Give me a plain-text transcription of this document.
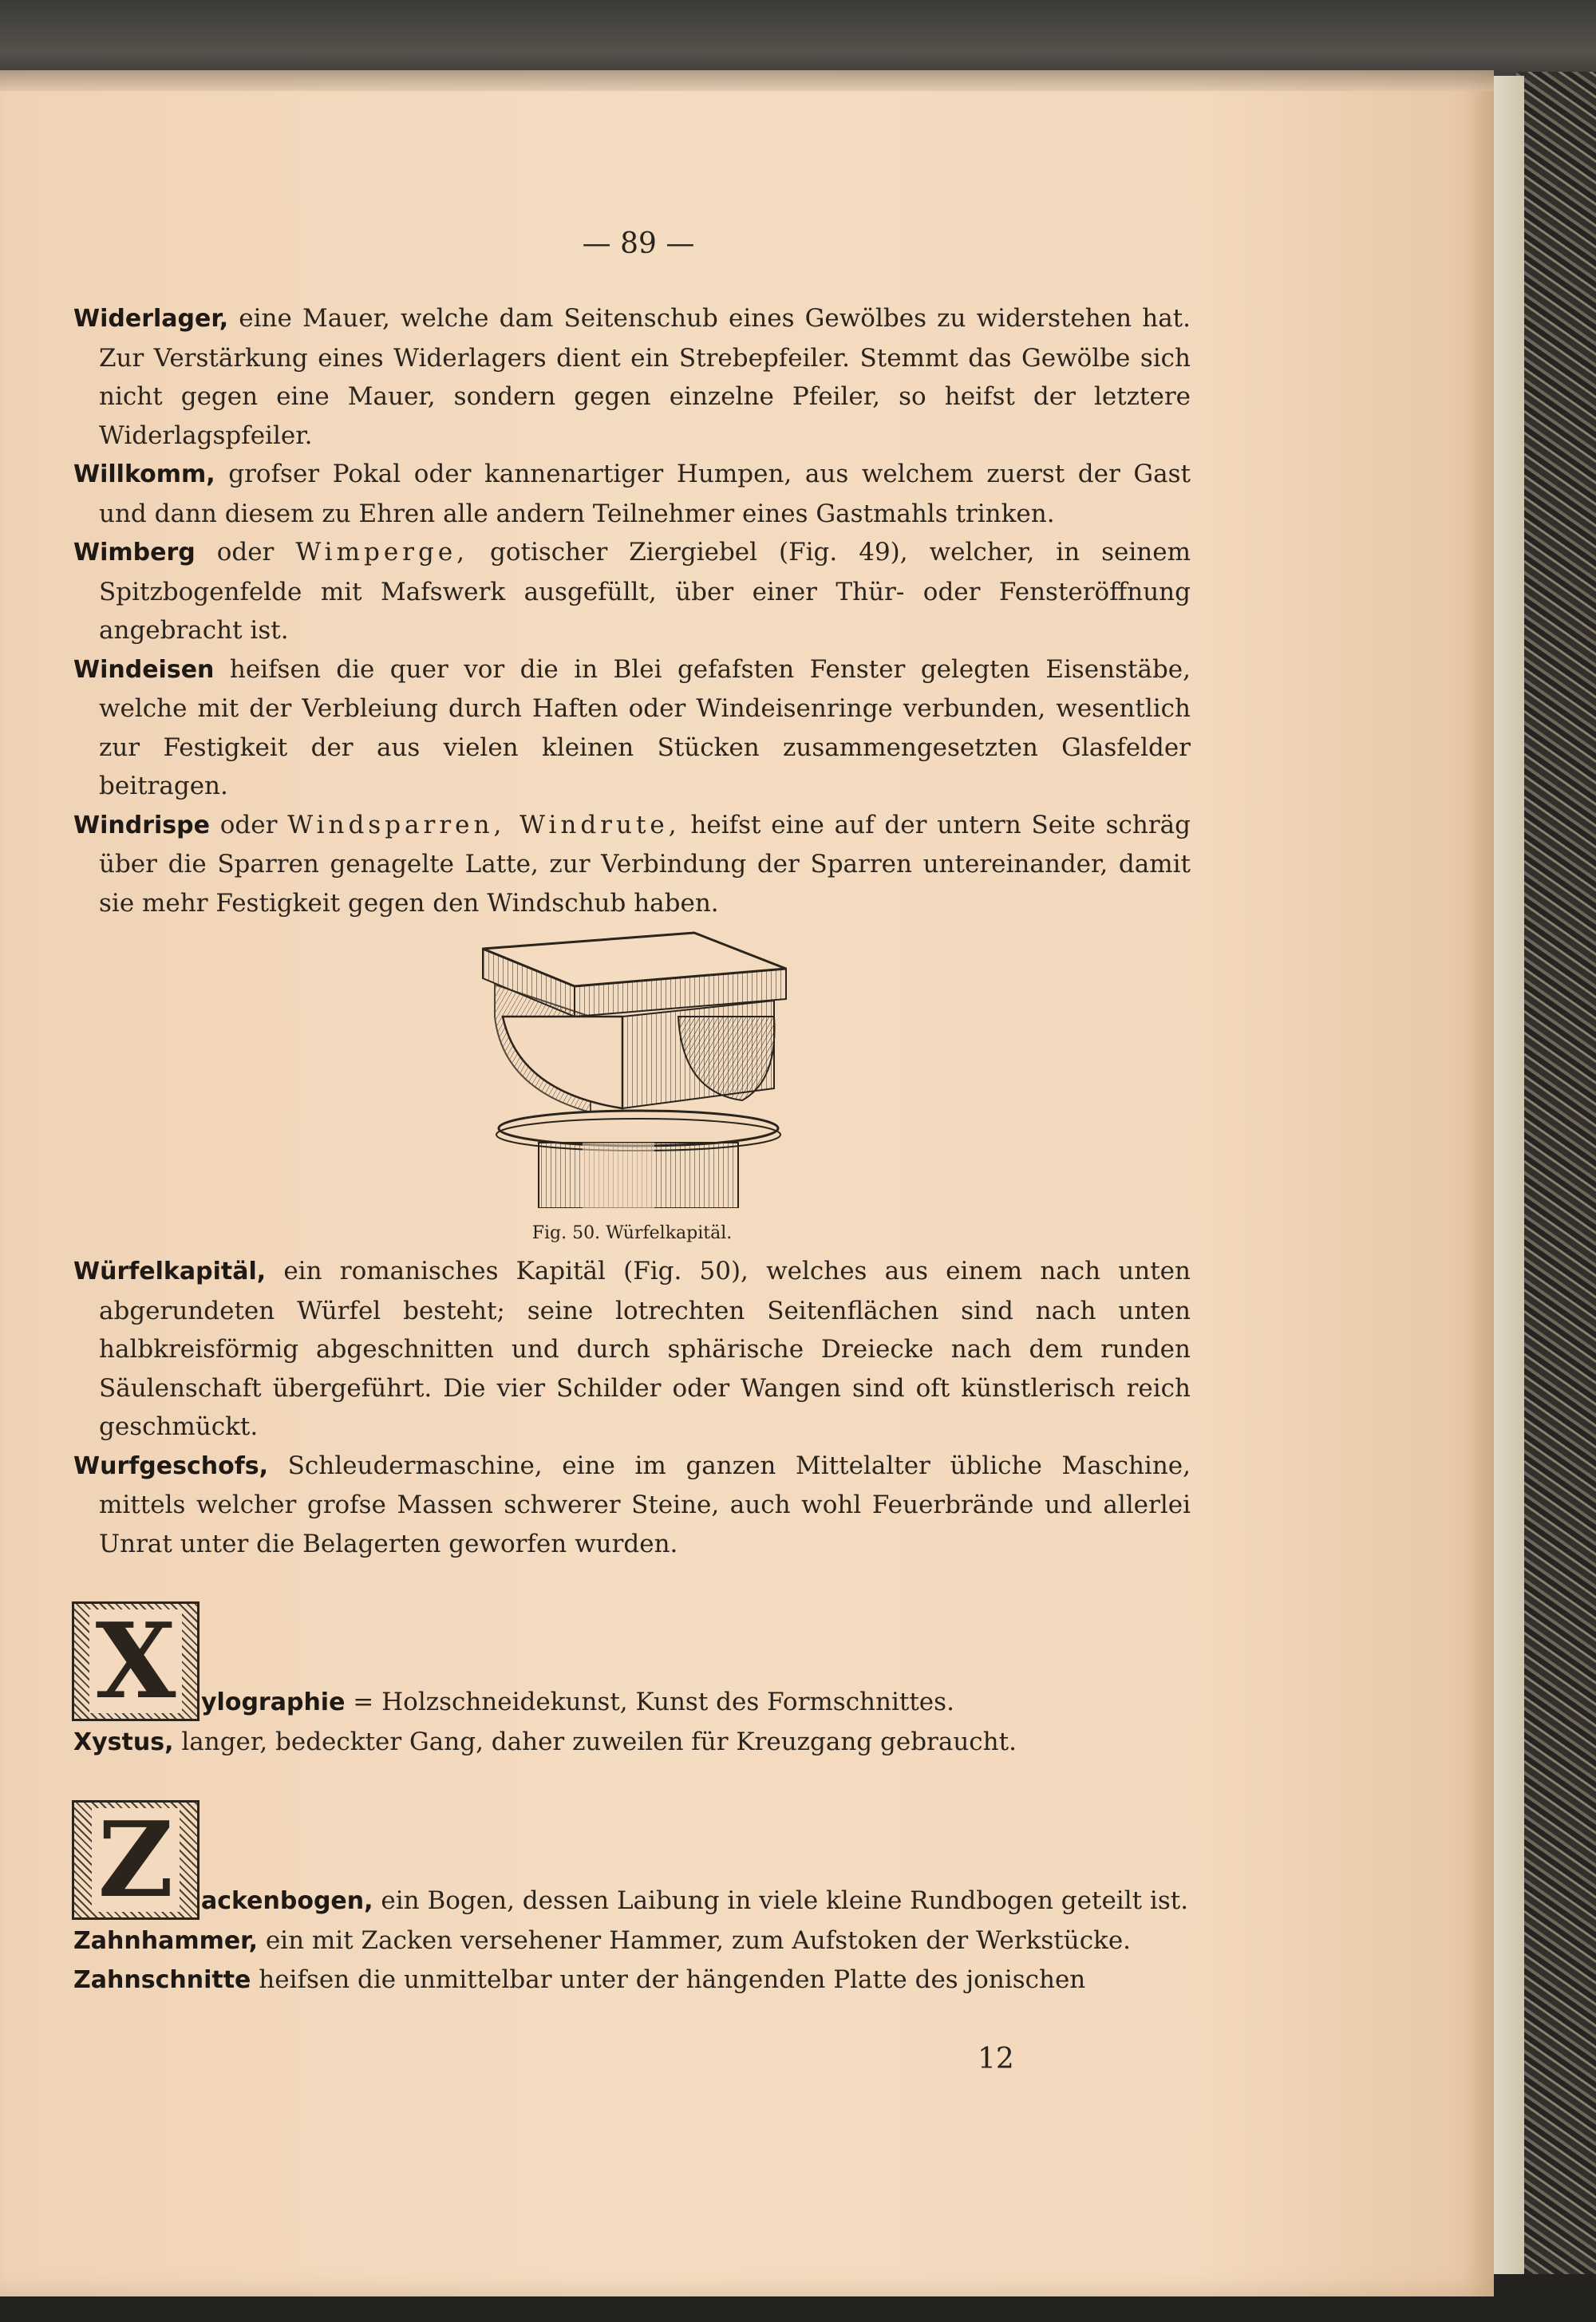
— 89 —

Widerlager, eine Mauer, welche dam Seitenschub eines Gewölbes zu widerstehen hat. Zur Verstärkung eines Widerlagers dient ein Strebepfeiler. Stemmt das Gewölbe sich nicht gegen eine Mauer, sondern gegen einzelne Pfeiler, so heifst der letztere Widerlagspfeiler.

Willkomm, grofser Pokal oder kannenartiger Humpen, aus welchem zuerst der Gast und dann diesem zu Ehren alle andern Teilnehmer eines Gastmahls trinken.

Wimberg oder Wimperge, gotischer Ziergiebel (Fig. 49), welcher, in seinem Spitzbogenfelde mit Mafswerk ausgefüllt, über einer Thür- oder Fensteröffnung angebracht ist.

Windeisen heifsen die quer vor die in Blei gefafsten Fenster gelegten Eisenstäbe, welche mit der Verbleiung durch Haften oder Windeisenringe verbunden, wesentlich zur Festigkeit der aus vielen kleinen Stücken zusammengesetzten Glasfelder beitragen.

Windrispe oder Windsparren, Windrute, heifst eine auf der untern Seite schräg über die Sparren genagelte Latte, zur Verbindung der Sparren untereinander, damit sie mehr Festigkeit gegen den Windschub haben.

Fig. 50. Würfelkapitäl.

Würfelkapitäl, ein romanisches Kapitäl (Fig. 50), welches aus einem nach unten abgerundeten Würfel besteht; seine lotrechten Seitenflächen sind nach unten halbkreisförmig abgeschnitten und durch sphärische Dreiecke nach dem runden Säulenschaft übergeführt. Die vier Schilder oder Wangen sind oft künstlerisch reich geschmückt.

Wurfgeschofs, Schleudermaschine, eine im ganzen Mittelalter übliche Maschine, mittels welcher grofse Massen schwerer Steine, auch wohl Feuerbrände und allerlei Unrat unter die Belagerten geworfen wurden.

X	ylographie = Holzschneidekunst, Kunst des Formschnittes.

Xystus, langer, bedeckter Gang, daher zuweilen für Kreuzgang gebraucht.

Z	ackenbogen, ein Bogen, dessen Laibung in viele kleine Rundbogen geteilt ist.

Zahnhammer, ein mit Zacken versehener Hammer, zum Aufstoken der Werkstücke.

Zahnschnitte heifsen die unmittelbar unter der hängenden Platte des jonischen

12
